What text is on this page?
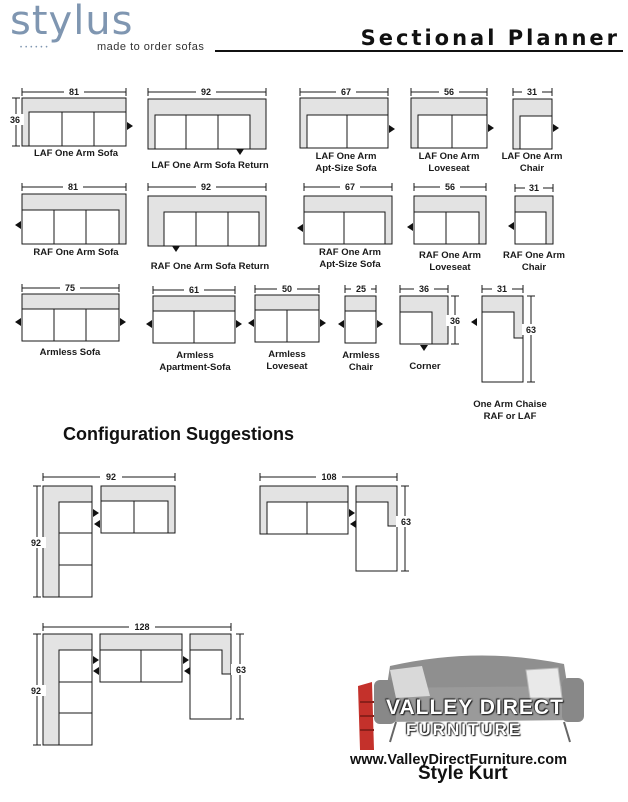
stylus
••••••	made to order sofas	Sectional Planner
81
36
92	67	56	31
81	92	67	56	31
75	61	50	25	36
36
31
63
92
92
108
63
128
92
63
LAF One Arm Sofa
LAF One Arm Sofa Return
LAF One Arm
Apt-Size Sofa
LAF One Arm
Loveseat
LAF One Arm
Chair
RAF One Arm Sofa
RAF One Arm Sofa Return
RAF One Arm
Apt-Size Sofa
RAF One Arm
Loveseat
RAF One Arm
Chair
Armless Sofa	Armless
Apartment-Sofa
Armless
Loveseat
Armless
Chair	Corner
One Arm Chaise
RAF or LAF
Configuration Suggestions
VALLEY DIRECT
FURNITURE
www.ValleyDirectFurniture.com
Style Kurt
